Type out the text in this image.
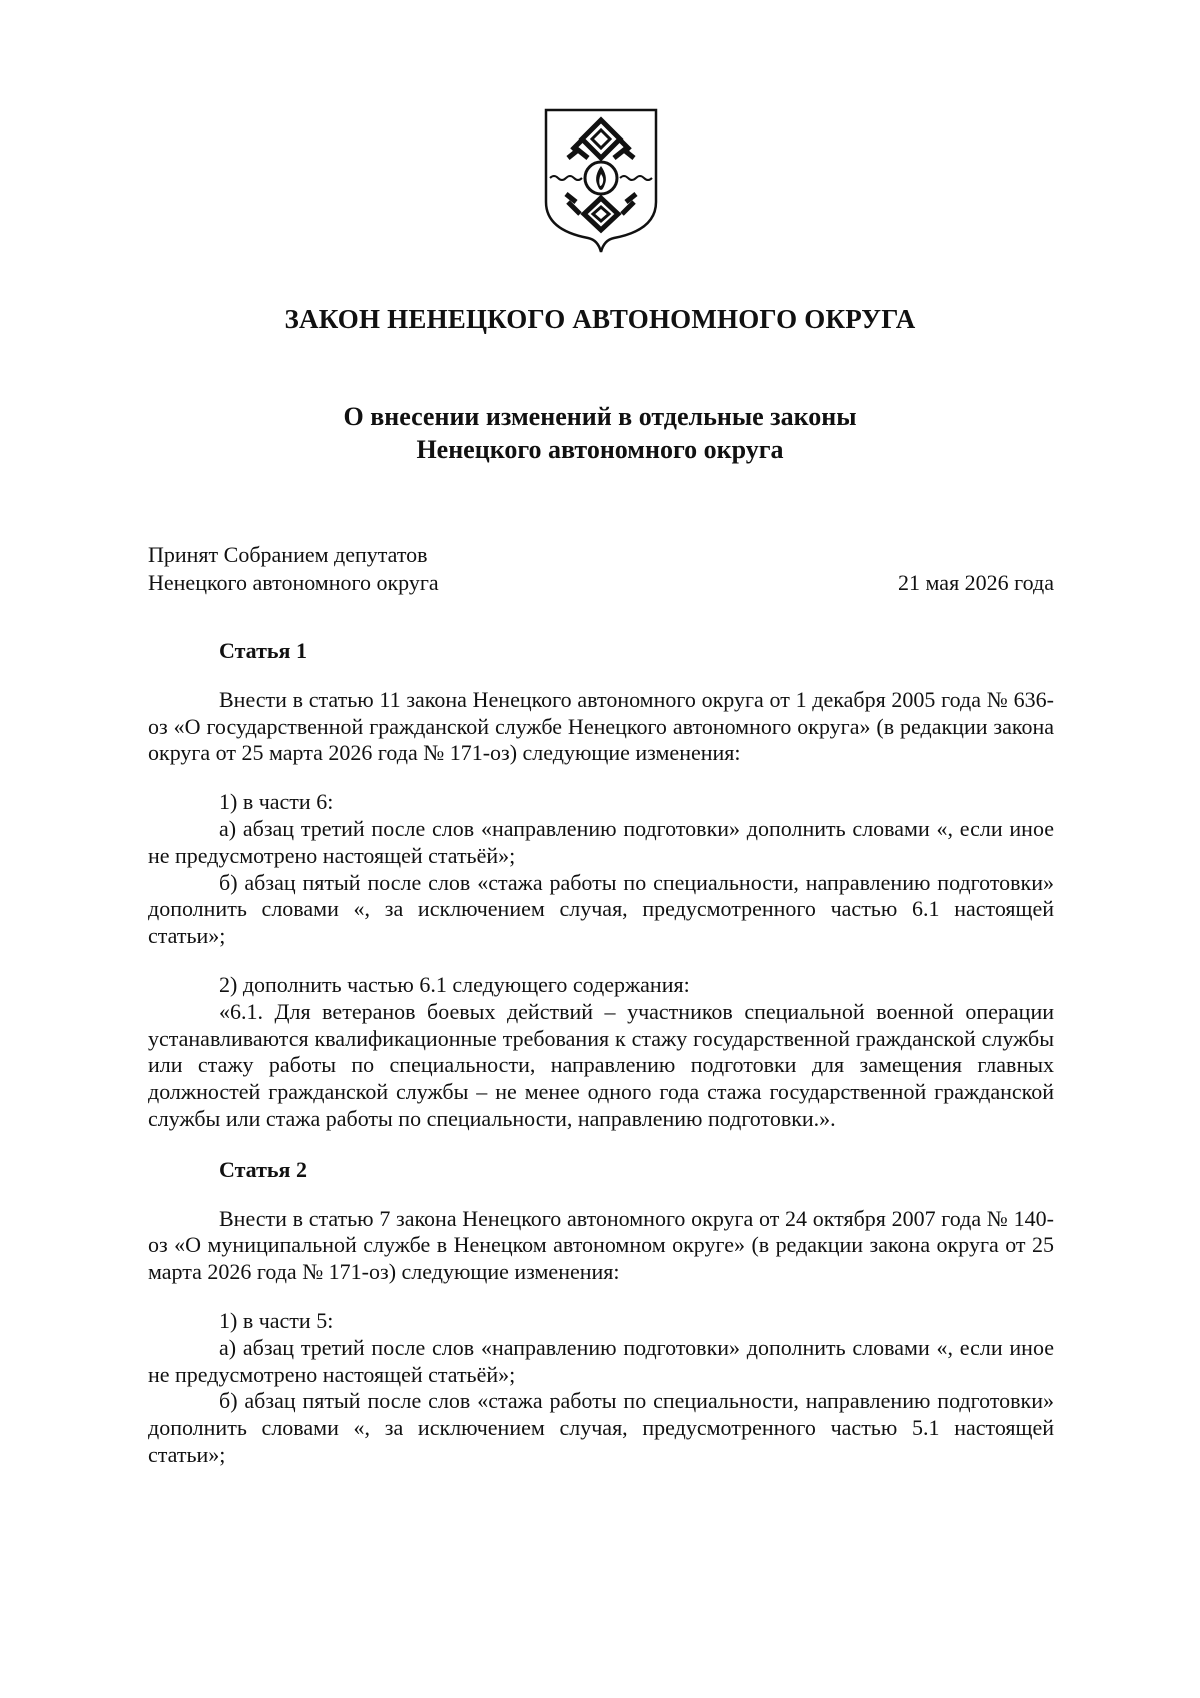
ЗАКОН НЕНЕЦКОГО АВТОНОМНОГО ОКРУГА
О внесении изменений в отдельные законы
Ненецкого автономного округа
Принят Собранием депутатов
Ненецкого автономного округа	21 мая 2026 года
Статья 1

Внести в статью 11 закона Ненецкого автономного округа от 1 декабря 2005 года № 636-оз «О государственной гражданской службе Ненецкого автономного округа» (в редакции закона округа от 25 марта 2026 года № 171-оз) следующие изменения:

1) в части 6:

а) абзац третий после слов «направлению подготовки» дополнить словами «, если иное не предусмотрено настоящей статьёй»;

б) абзац пятый после слов «стажа работы по специальности, направлению подготовки» дополнить словами «, за исключением случая, предусмотренного частью 6.1 настоящей статьи»;

2) дополнить частью 6.1 следующего содержания:

«6.1. Для ветеранов боевых действий – участников специальной военной операции устанавливаются квалификационные требования к стажу государственной гражданской службы или стажу работы по специальности, направлению подготовки для замещения главных должностей гражданской службы – не менее одного года стажа государственной гражданской службы или стажа работы по специальности, направлению подготовки.».

Статья 2

Внести в статью 7 закона Ненецкого автономного округа от 24 октября 2007 года № 140-оз «О муниципальной службе в Ненецком автономном округе» (в редакции закона округа от 25 марта 2026 года № 171-оз) следующие изменения:

1) в части 5:

а) абзац третий после слов «направлению подготовки» дополнить словами «, если иное не предусмотрено настоящей статьёй»;

б) абзац пятый после слов «стажа работы по специальности, направлению подготовки» дополнить словами «, за исключением случая, предусмотренного частью 5.1 настоящей статьи»;
